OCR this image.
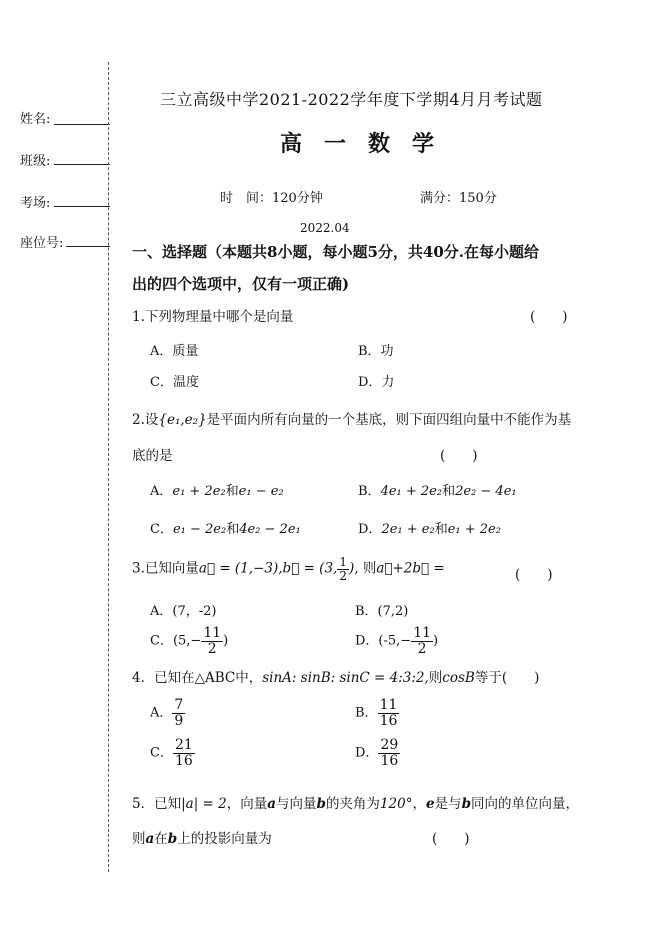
姓名:
班级:
考场:
座位号:
三立高级中学2021-2022学年度下学期4月月考试题
高一数学
时　间：120分钟	满分：150分
2022.04
一、选择题（本题共8小题，每小题5分，共40分.在每小题给
出的四个选项中，仅有一项正确)
1.下列物理量中哪个是向量	(　　)
A．质量	B．功
C．温度	D．力
2.设{e₁,e₂}是平面内所有向量的一个基底，则下面四组向量中不能作为基
底的是	(　　)
A．e₁ + 2e₂和e₁ − e₂	B．4e₁ + 2e₂和2e₂ − 4e₁
C．e₁ − 2e₂和4e₂ − 2e₁	D．2e₁ + e₂和e₁ + 2e₂
3.已知向量a⃗ = (1,−3),b⃗ = (3, $\frac{1}{2}$ ), 则a⃗+2b⃗ =	(　　)
A．(7，-2)	B．(7,2)
C．($5,- \frac{11}{2}$ )	D．($-5,- \frac{11}{2}$ )
4．已知在△ABC中，sinA: sinB: sinC = 4:3:2,则cosB等于(　　)
A． $\frac{7}{9}$	B． $\frac{11}{16}$
C． $\frac{21}{16}$	D． $\frac{29}{16}$
5．已知|a| = 2，向量a与向量b的夹角为120°，e是与b同向的单位向量，
则a在b上的投影向量为	(　　)
